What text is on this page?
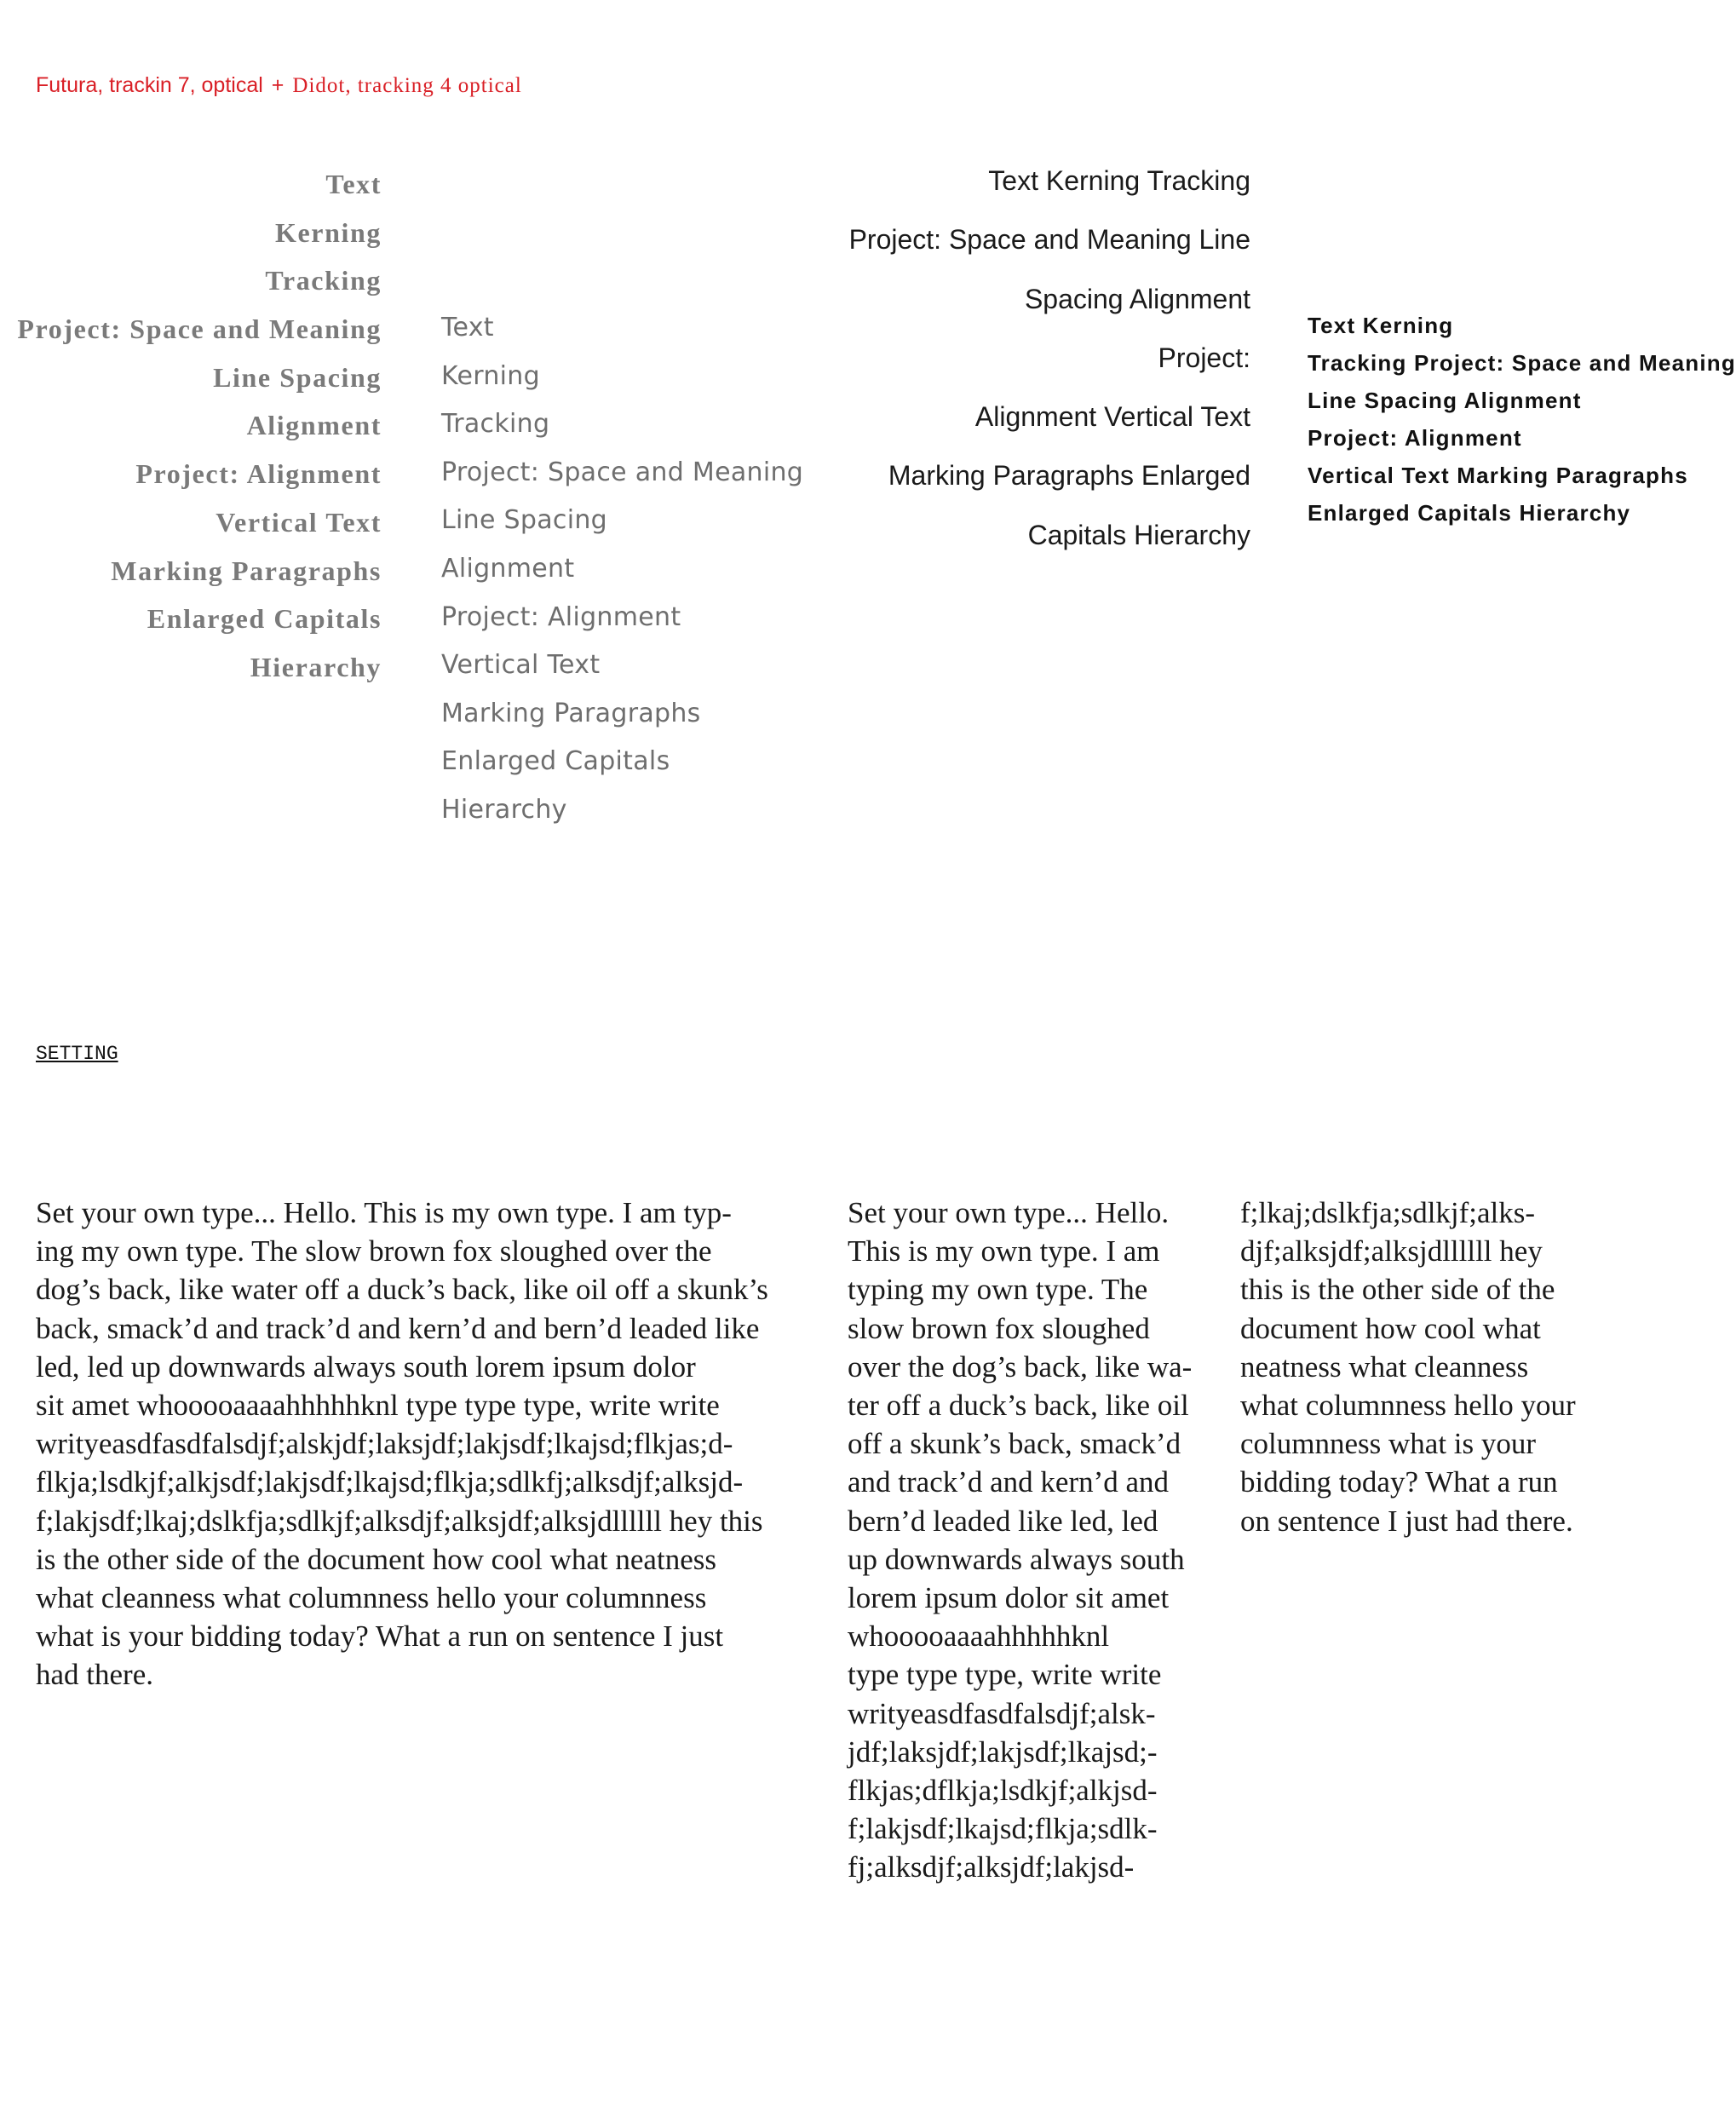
Futura, trackin 7, optical + Didot, tracking 4 optical
Text
Kerning
Tracking
Project: Space and Meaning
Line Spacing
Alignment
Project: Alignment
Vertical Text
Marking Paragraphs
Enlarged Capitals
Hierarchy
Text
Kerning
Tracking
Project: Space and Meaning
Line Spacing
Alignment
Project: Alignment
Vertical Text
Marking Paragraphs
Enlarged Capitals
Hierarchy
Text Kerning Tracking
Project: Space and Meaning Line
Spacing Alignment
Project:
Alignment Vertical Text
Marking Paragraphs Enlarged
Capitals Hierarchy
Text Kerning
Tracking Project: Space and Meaning
Line Spacing Alignment
Project: Alignment
Vertical Text Marking Paragraphs
Enlarged Capitals Hierarchy
SETTING
Set your own type... Hello. This is my own type. I am typ-
ing my own type. The slow brown fox sloughed over the
dog’s back, like water off a duck’s back, like oil off a skunk’s
back, smack’d and track’d and kern’d and bern’d leaded like
led, led up downwards always south lorem ipsum dolor
sit amet whooooaaaahhhhhknl type type type, write write
writyeasdfasdfalsdjf;alskjdf;laksjdf;lakjsdf;lkajsd;flkjas;d-
flkja;lsdkjf;alkjsdf;lakjsdf;lkajsd;flkja;sdlkfj;alksdjf;alksjd-
f;lakjsdf;lkaj;dslkfja;sdlkjf;alksdjf;alksjdf;alksjdllllll hey this
is the other side of the document how cool what neatness
what cleanness what columnness hello your columnness
what is your bidding today? What a run on sentence I just
had there.
Set your own type... Hello.
This is my own type. I am
typing my own type. The
slow brown fox sloughed
over the dog’s back, like wa-
ter off a duck’s back, like oil
off a skunk’s back, smack’d
and track’d and kern’d and
bern’d leaded like led, led
up downwards always south
lorem ipsum dolor sit amet
whooooaaaahhhhhknl
type type type, write write
writyeasdfasdfalsdjf;alsk-
jdf;laksjdf;lakjsdf;lkajsd;-
flkjas;dflkja;lsdkjf;alkjsd-
f;lakjsdf;lkajsd;flkja;sdlk-
fj;alksdjf;alksjdf;lakjsd-
f;lkaj;dslkfja;sdlkjf;alks-
djf;alksjdf;alksjdllllll hey
this is the other side of the
document how cool what
neatness what cleanness
what columnness hello your
columnness what is your
bidding today? What a run
on sentence I just had there.
